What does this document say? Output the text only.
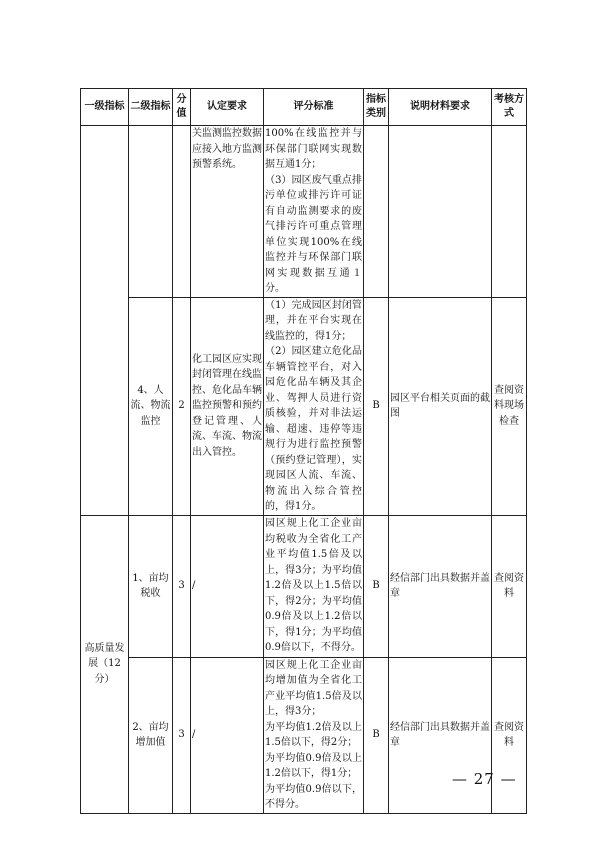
一级指标	二级指标	分值	认定要求	评分标准	指标类别	说明材料要求	考核方式
			关监测监控数据应接入地方监测预警系统。	100%在线监控并与环保部门联网实现数据互通1分；
（3）园区废气重点排污单位或排污许可证有自动监测要求的废气排污许可重点管理单位实现100%在线监控并与环保部门联网实现数据互通１分。			
	4、人流、物流监控	2	化工园区应实现封闭管理在线监控、危化品车辆监控预警和预约登记管理、人流、车流、物流出入管控。	（1）完成园区封闭管理，并在平台实现在线监控的，得1分；
（2）园区建立危化品车辆管控平台，对入园危化品车辆及其企业、驾押人员进行资质核验，并对非法运输、超速、违停等违规行为进行监控预警（预约登记管理），实现园区人流、车流、物流出入综合管控的，得1分。	B	园区平台相关页面的截图	查阅资料现场检查
高质量发展（12分）	1、亩均税收	3	/	园区规上化工企业亩均税收为全省化工产业平均值1.5倍及以上，得3分；为平均值1.2倍及以上1.5倍以下，得2分；为平均值0.9倍及以上1.2倍以下，得1分；为平均值0.9倍以下，不得分。	B	经信部门出具数据并盖章	查阅资料
	2、亩均增加值	3	/	园区规上化工企业亩均增加值为全省化工产业平均值1.5倍及以上，得3分；
为平均值1.2倍及以上1.5倍以下，得2分；
为平均值0.9倍及以上1.2倍以下，得1分；
为平均值0.9倍以下，不得分。	B	经信部门出具数据并盖章	查阅资料
— 27 —
